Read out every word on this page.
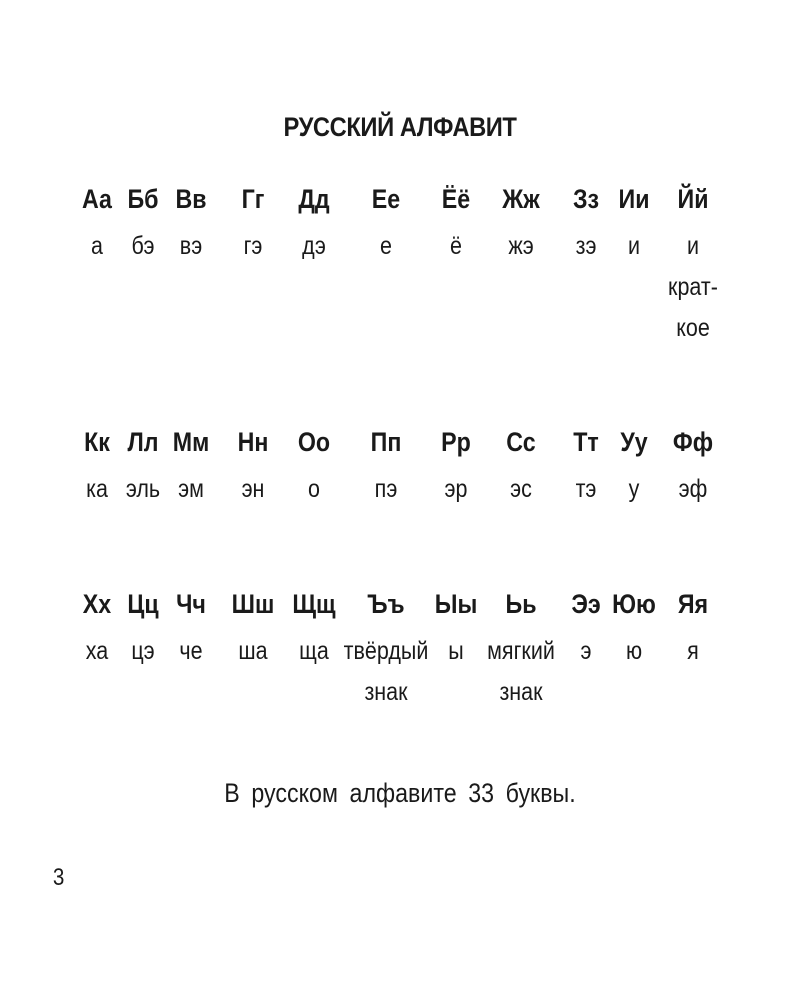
РУССКИЙ АЛФАВИТ
Аа
а
Бб
бэ
Вв
вэ
Гг
гэ
Дд
дэ
Ее
е
Ёё
ё
Жж
жэ
Зз
зэ
Ии
и
Йй
и
крат-
кое
Кк
ка
Лл
эль
Мм
эм
Нн
эн
Оо
о
Пп
пэ
Рр
эр
Сс
эс
Тт
тэ
Уу
у
Фф
эф
Хх
ха
Цц
цэ
Чч
че
Шш
ша
Щщ
ща
Ъъ
твёрдый
знак
Ыы
ы
Ьь
мягкий
знак
Ээ
э
Юю
ю
Яя
я
В русском алфавите 33 буквы.
3
